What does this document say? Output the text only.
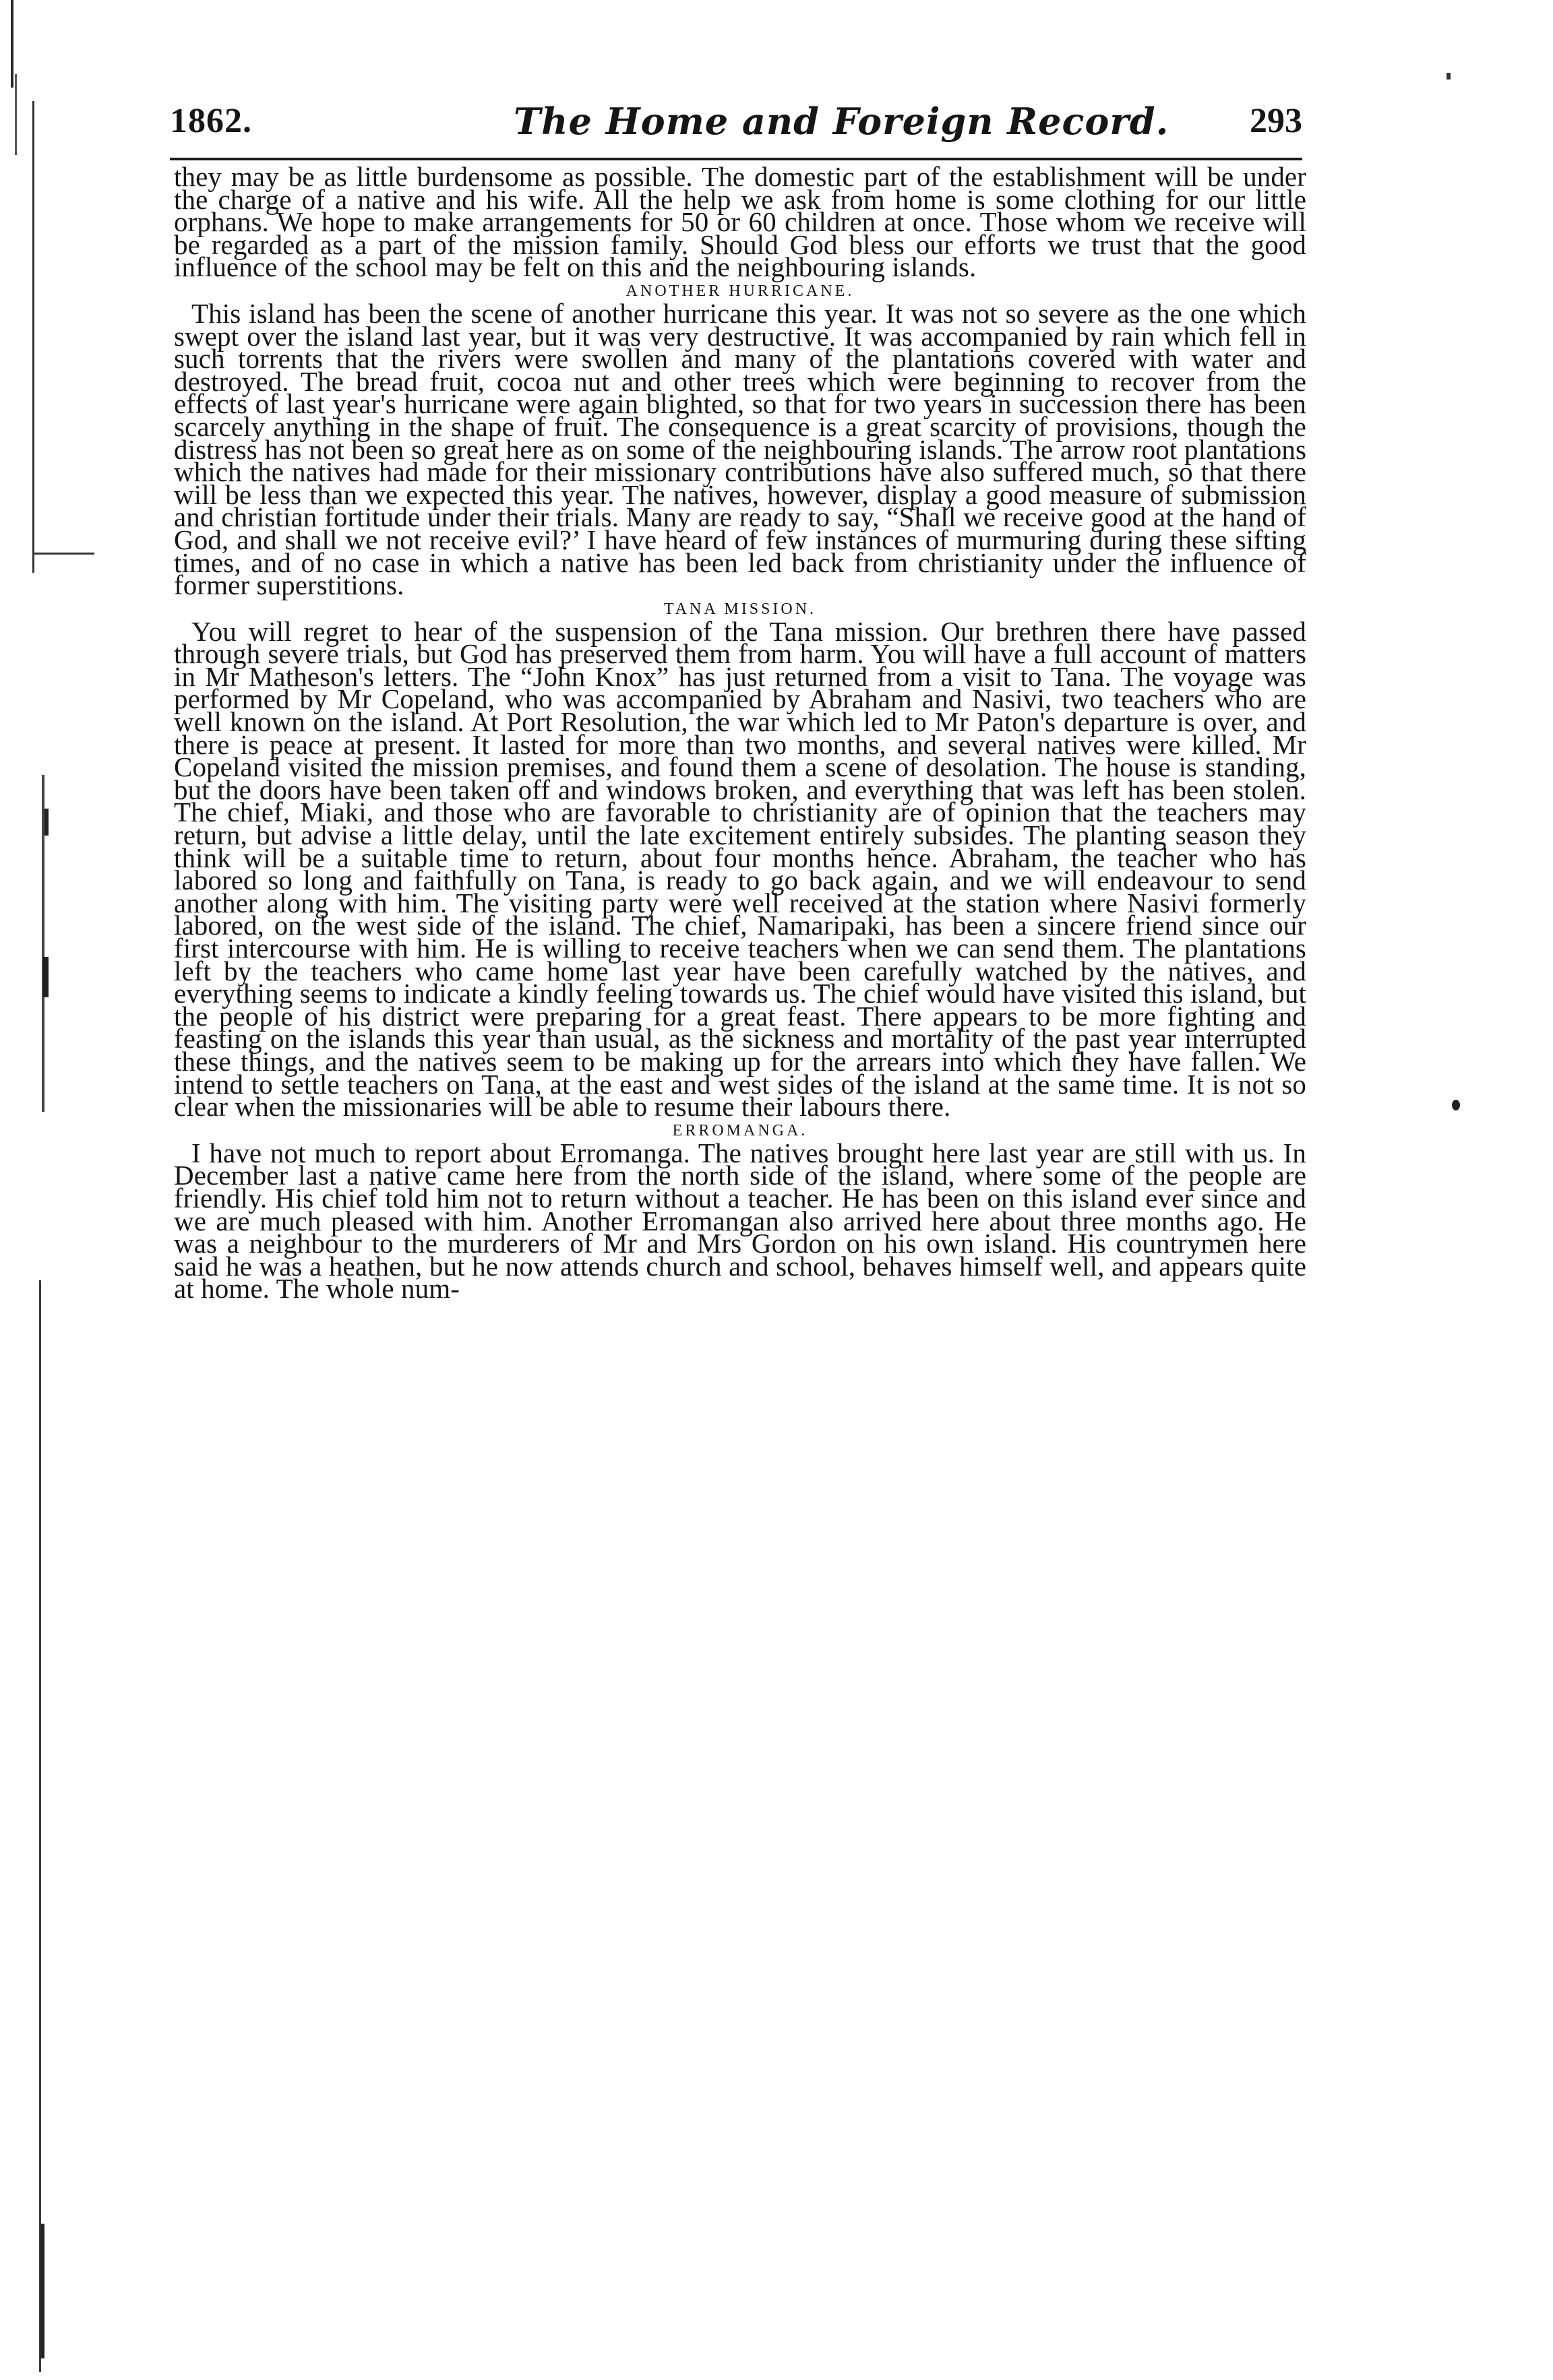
1862.	The Home and Foreign Record. 293

they may be as little burdensome as possible. The domestic part of the establishment will be under the charge of a native and his wife. All the help we ask from home is some clothing for our little orphans. We hope to make arrangements for 50 or 60 children at once. Those whom we receive will be regarded as a part of the mission family. Should God bless our efforts we trust that the good influence of the school may be felt on this and the neighbouring islands.

ANOTHER HURRICANE.

This island has been the scene of another hurricane this year. It was not so severe as the one which swept over the island last year, but it was very destructive. It was accompanied by rain which fell in such torrents that the rivers were swollen and many of the plantations covered with water and destroyed. The bread fruit, cocoa nut and other trees which were beginning to recover from the effects of last year's hurricane were again blighted, so that for two years in succession there has been scarcely anything in the shape of fruit. The consequence is a great scarcity of provisions, though the distress has not been so great here as on some of the neighbouring islands. The arrow root plantations which the natives had made for their missionary contributions have also suffered much, so that there will be less than we expected this year. The natives, however, display a good measure of submission and christian fortitude under their trials. Many are ready to say, “Shall we receive good at the hand of God, and shall we not receive evil?’ I have heard of few instances of murmuring during these sifting times, and of no case in which a native has been led back from christianity under the influence of former superstitions.

TANA MISSION.

You will regret to hear of the suspension of the Tana mission. Our brethren there have passed through severe trials, but God has preserved them from harm. You will have a full account of matters in Mr Matheson's letters. The “John Knox” has just returned from a visit to Tana. The voyage was performed by Mr Copeland, who was accompanied by Abraham and Nasivi, two teachers who are well known on the island. At Port Resolution, the war which led to Mr Paton's departure is over, and there is peace at present. It lasted for more than two months, and several natives were killed. Mr Copeland visited the mission premises, and found them a scene of desolation. The house is standing, but the doors have been taken off and windows broken, and everything that was left has been stolen. The chief, Miaki, and those who are favorable to christianity are of opinion that the teachers may return, but advise a little delay, until the late excitement entirely subsides. The planting season they think will be a suitable time to return, about four months hence. Abraham, the teacher who has labored so long and faithfully on Tana, is ready to go back again, and we will endeavour to send another along with him. The visiting party were well received at the station where Nasivi formerly labored, on the west side of the island. The chief, Namaripaki, has been a sincere friend since our first intercourse with him. He is willing to receive teachers when we can send them. The plantations left by the teachers who came home last year have been carefully watched by the natives, and everything seems to indicate a kindly feeling towards us. The chief would have visited this island, but the people of his district were preparing for a great feast. There appears to be more fighting and feasting on the islands this year than usual, as the sickness and mortality of the past year interrupted these things, and the natives seem to be making up for the arrears into which they have fallen. We intend to settle teachers on Tana, at the east and west sides of the island at the same time. It is not so clear when the missionaries will be able to resume their labours there.

ERROMANGA.

I have not much to report about Erromanga. The natives brought here last year are still with us. In December last a native came here from the north side of the island, where some of the people are friendly. His chief told him not to return without a teacher. He has been on this island ever since and we are much pleased with him. Another Erromangan also arrived here about three months ago. He was a neighbour to the murderers of Mr and Mrs Gordon on his own island. His countrymen here said he was a heathen, but he now attends church and school, behaves himself well, and appears quite at home. The whole num-
